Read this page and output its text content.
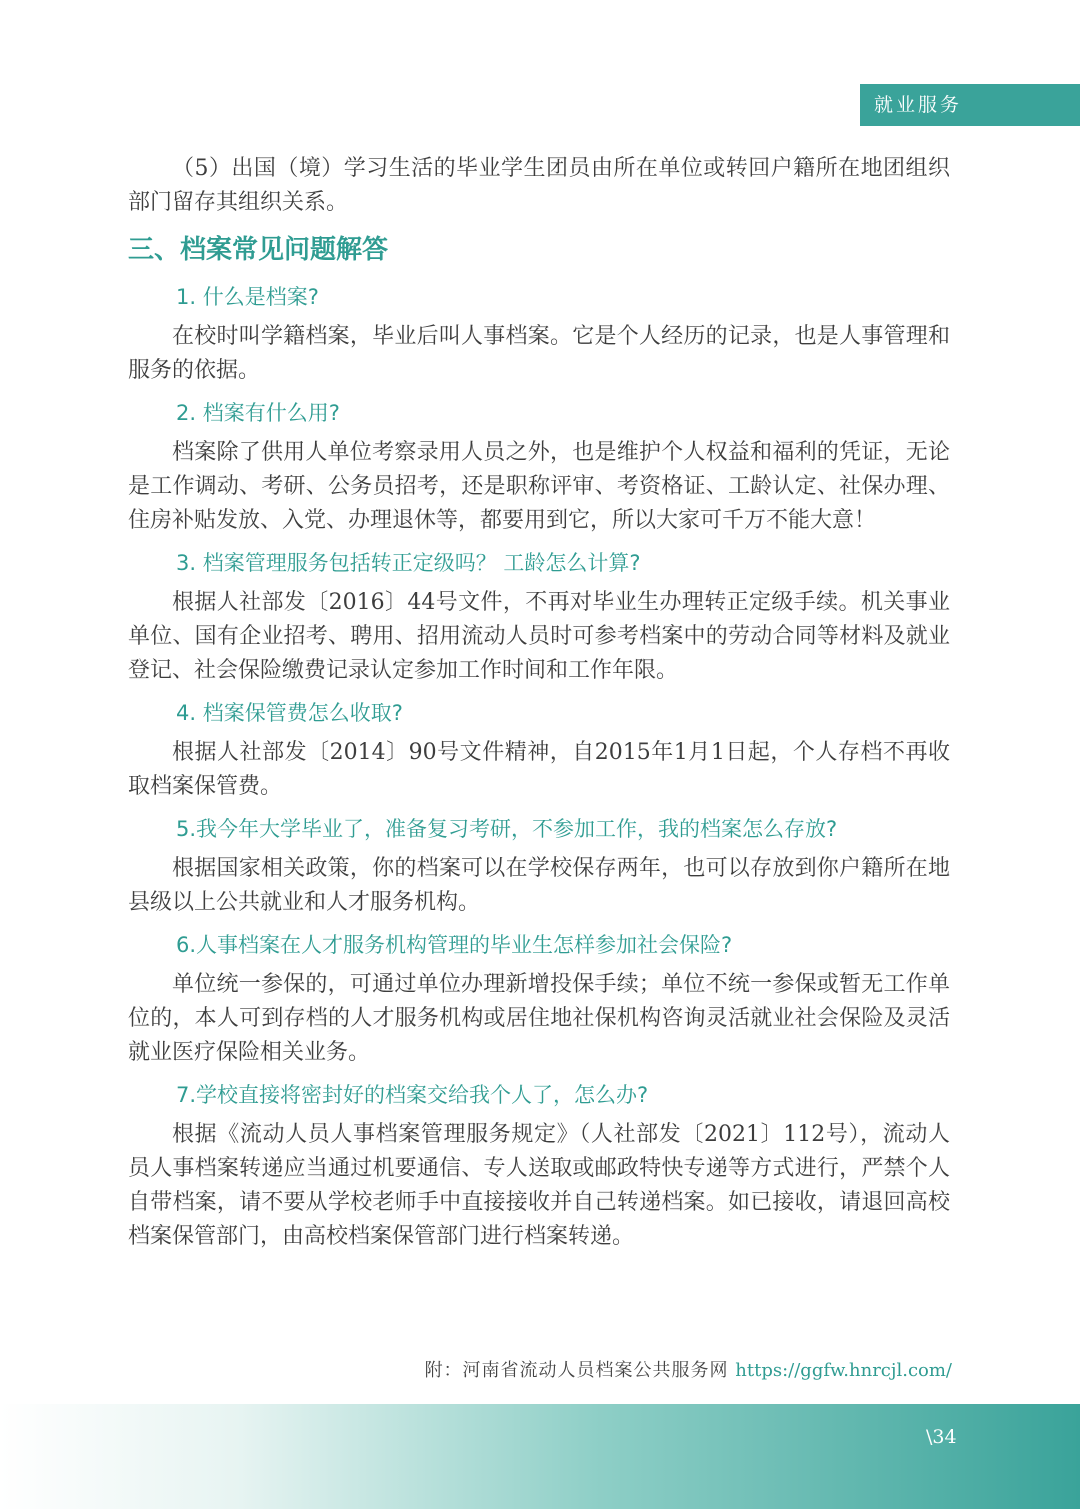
就业服务

（5）出国（境）学习生活的毕业学生团员由所在单位或转回户籍所在地团组织部门留存其组织关系。

三、档案常见问题解答
1. 什么是档案?

在校时叫学籍档案，毕业后叫人事档案。它是个人经历的记录，也是人事管理和服务的依据。

2. 档案有什么用?

档案除了供用人单位考察录用人员之外，也是维护个人权益和福利的凭证，无论是工作调动、考研、公务员招考，还是职称评审、考资格证、工龄认定、社保办理、住房补贴发放、入党、办理退休等，都要用到它，所以大家可千万不能大意！

3. 档案管理服务包括转正定级吗？ 工龄怎么计算?

根据人社部发〔2016〕44号文件，不再对毕业生办理转正定级手续。机关事业单位、国有企业招考、聘用、招用流动人员时可参考档案中的劳动合同等材料及就业登记、社会保险缴费记录认定参加工作时间和工作年限。

4. 档案保管费怎么收取?

根据人社部发〔2014〕90号文件精神，自2015年1月1日起，个人存档不再收取档案保管费。

5.我今年大学毕业了，准备复习考研，不参加工作，我的档案怎么存放?

根据国家相关政策，你的档案可以在学校保存两年，也可以存放到你户籍所在地县级以上公共就业和人才服务机构。

6.人事档案在人才服务机构管理的毕业生怎样参加社会保险?

单位统一参保的，可通过单位办理新增投保手续；单位不统一参保或暂无工作单位的，本人可到存档的人才服务机构或居住地社保机构咨询灵活就业社会保险及灵活就业医疗保险相关业务。

7.学校直接将密封好的档案交给我个人了，怎么办?

根据《流动人员人事档案管理服务规定》（人社部发〔2021〕112号），流动人员人事档案转递应当通过机要通信、专人送取或邮政特快专递等方式进行，严禁个人自带档案，请不要从学校老师手中直接接收并自己转递档案。如已接收，请退回高校档案保管部门，由高校档案保管部门进行档案转递。

附：河南省流动人员档案公共服务网 https://ggfw.hnrcjl.com/
\34
